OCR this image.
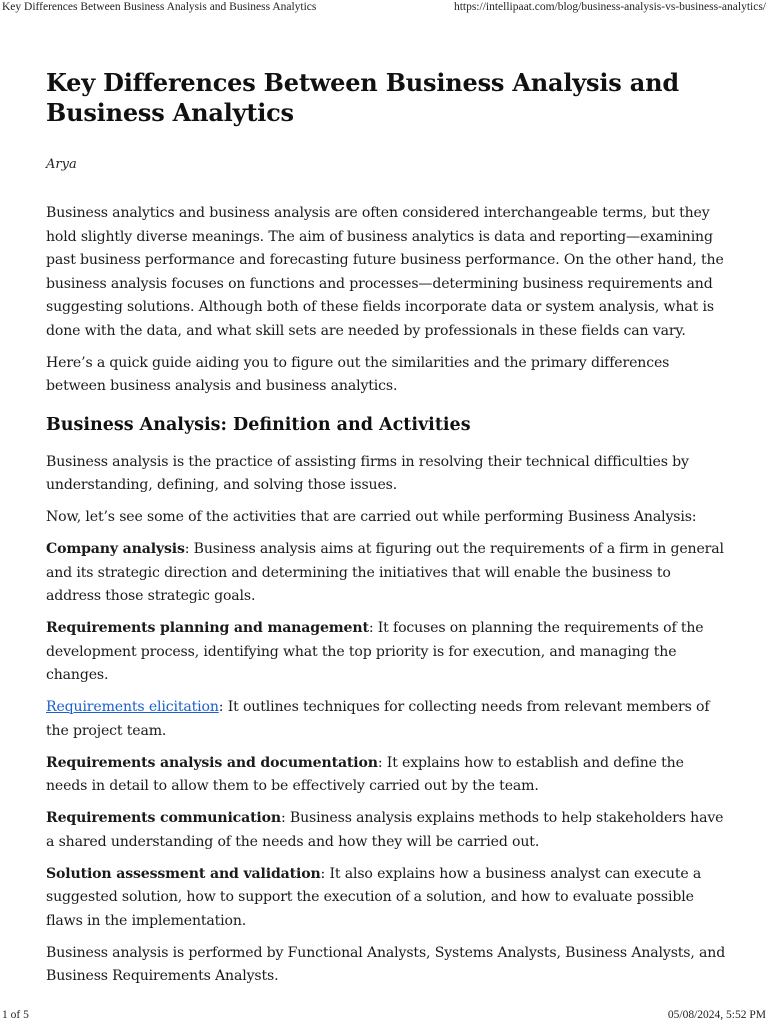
Key Differences Between Business Analysis and Business Analytics	https://intellipaat.com/blog/business-analysis-vs-business-analytics/
Key Differences Between Business Analysis and Business Analytics
Arya

Business analytics and business analysis are often considered interchangeable terms, but they hold slightly diverse meanings. The aim of business analytics is data and reporting—examining past business performance and forecasting future business performance. On the other hand, the business analysis focuses on functions and processes—determining business requirements and suggesting solutions. Although both of these fields incorporate data or system analysis, what is done with the data, and what skill sets are needed by professionals in these fields can vary.

Here’s a quick guide aiding you to figure out the similarities and the primary differences between business analysis and business analytics.

Business Analysis: Definition and Activities

Business analysis is the practice of assisting firms in resolving their technical difficulties by understanding, defining, and solving those issues.

Now, let’s see some of the activities that are carried out while performing Business Analysis:

Company analysis: Business analysis aims at figuring out the requirements of a firm in general and its strategic direction and determining the initiatives that will enable the business to address those strategic goals.

Requirements planning and management: It focuses on planning the requirements of the development process, identifying what the top priority is for execution, and managing the changes.

Requirements elicitation: It outlines techniques for collecting needs from relevant members of the project team.

Requirements analysis and documentation: It explains how to establish and define the needs in detail to allow them to be effectively carried out by the team.

Requirements communication: Business analysis explains methods to help stakeholders have a shared understanding of the needs and how they will be carried out.

Solution assessment and validation: It also explains how a business analyst can execute a suggested solution, how to support the execution of a solution, and how to evaluate possible flaws in the implementation.

Business analysis is performed by Functional Analysts, Systems Analysts, Business Analysts, and Business Requirements Analysts.

1 of 5	05/08/2024, 5:52 PM
